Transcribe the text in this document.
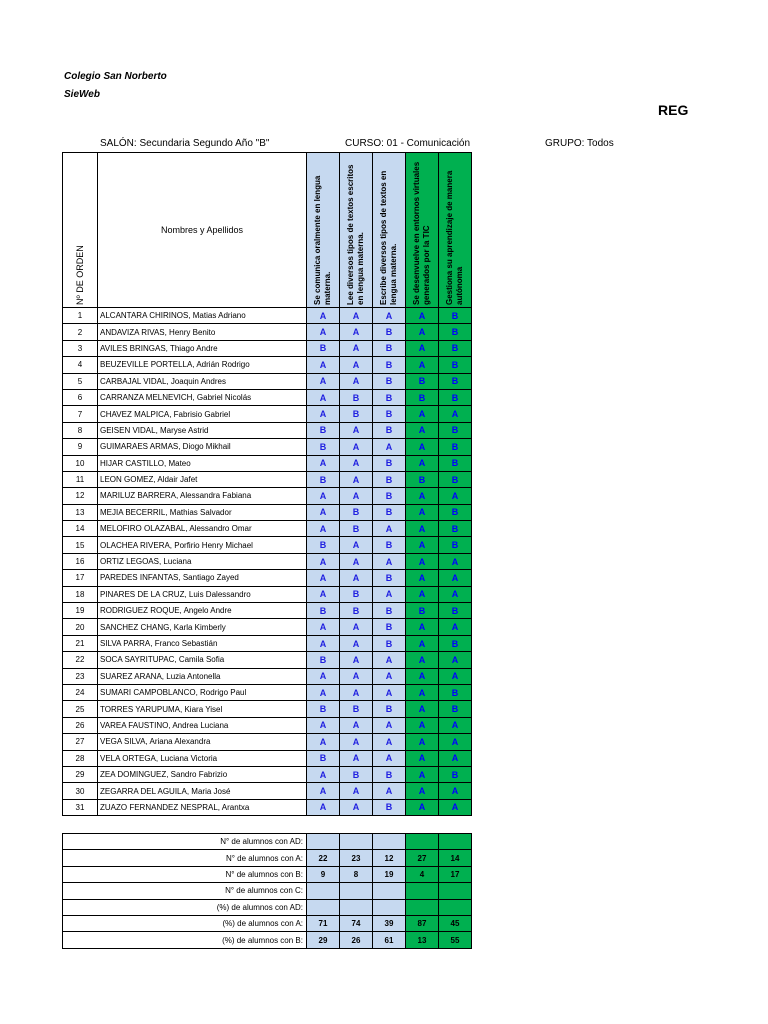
Colegio San Norberto
SieWeb
REG
SALÓN: Secundaria Segundo Año "B"	CURSO: 01 - Comunicación	GRUPO: Todos
Nº DE ORDEN	Nombres y Apellidos	Se comunica oralmente en lengua materna.	Lee diversos tipos de textos escritos en lengua materna.	Escribe diversos tipos de textos en lengua materna.	Se desenvuelve en entornos virtuales generados por la TIC	Gestiona su aprendizaje de manera autónoma

1	ALCANTARA CHIRINOS, Matias Adriano	A	A	A	A	B
2	ANDAVIZA RIVAS, Henry Benito	A	A	B	A	B
3	AVILES BRINGAS, Thiago Andre	B	A	B	A	B
4	BEUZEVILLE PORTELLA, Adrián Rodrigo	A	A	B	A	B
5	CARBAJAL VIDAL, Joaquin Andres	A	A	B	B	B
6	CARRANZA MELNEVICH, Gabriel Nicolás	A	B	B	B	B
7	CHAVEZ MALPICA, Fabrisio Gabriel	A	B	B	A	A
8	GEISEN VIDAL, Maryse Astrid	B	A	B	A	B
9	GUIMARAES ARMAS, Diogo Mikhail	B	A	A	A	B
10	HIJAR CASTILLO, Mateo	A	A	B	A	B
11	LEON GOMEZ, Aldair Jafet	B	A	B	B	B
12	MARILUZ BARRERA, Alessandra Fabiana	A	A	B	A	A
13	MEJIA BECERRIL, Mathias Salvador	A	B	B	A	B
14	MELOFIRO OLAZABAL, Alessandro Omar	A	B	A	A	B
15	OLACHEA RIVERA, Porfirio Henry Michael	B	A	B	A	B
16	ORTIZ LEGOAS, Luciana	A	A	A	A	A
17	PAREDES INFANTAS, Santiago Zayed	A	A	B	A	A
18	PINARES DE LA CRUZ, Luis Dalessandro	A	B	A	A	A
19	RODRIGUEZ ROQUE, Angelo Andre	B	B	B	B	B
20	SANCHEZ CHANG, Karla Kimberly	A	A	B	A	A
21	SILVA PARRA, Franco Sebastián	A	A	B	A	B
22	SOCA SAYRITUPAC, Camila Sofia	B	A	A	A	A
23	SUAREZ ARANA, Luzia Antonella	A	A	A	A	A
24	SUMARI CAMPOBLANCO, Rodrigo Paul	A	A	A	A	B
25	TORRES YARUPUMA, Kiara Yisel	B	B	B	A	B
26	VAREA FAUSTINO, Andrea Luciana	A	A	A	A	A
27	VEGA SILVA, Ariana Alexandra	A	A	A	A	A
28	VELA ORTEGA, Luciana Victoria	B	A	A	A	A
29	ZEA DOMINGUEZ, Sandro Fabrizio	A	B	B	A	B
30	ZEGARRA DEL AGUILA, Maria José	A	A	A	A	A
31	ZUAZO FERNANDEZ NESPRAL, Arantxa	A	A	B	A	A
N° de alumnos con AD:					
N° de alumnos con A:	22	23	12	27	14
N° de alumnos con B:	9	8	19	4	17
N° de alumnos con C:					
(%) de alumnos con AD:					
(%) de alumnos con A:	71	74	39	87	45
(%) de alumnos con B:	29	26	61	13	55
